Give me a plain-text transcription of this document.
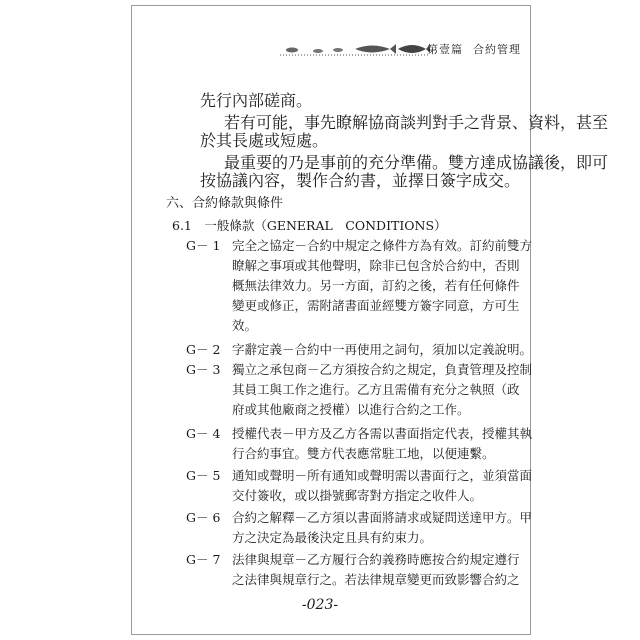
第壹篇 合約管理
先行內部磋商。
若有可能，事先瞭解協商談判對手之背景、資料，甚至
於其長處或短處。
最重要的乃是事前的充分準備。雙方達成協議後，即可
按協議內容，製作合約書，並擇日簽字成交。
六、合約條款與條件
6.1　一般條款（GENERAL　CONDITIONS）
G－ 1 完全之協定－合約中規定之條件方為有效。訂約前雙方
瞭解之事項或其他聲明，除非已包含於合約中，否則
概無法律效力。另一方面，訂約之後，若有任何條件
變更或修正，需附諸書面並經雙方簽字同意，方可生
效。
G－ 2 字辭定義－合約中一再使用之詞句，須加以定義說明。
G－ 3 獨立之承包商－乙方須按合約之規定，負責管理及控制
其員工與工作之進行。乙方且需備有充分之執照（政
府或其他廠商之授權）以進行合約之工作。
G－ 4 授權代表－甲方及乙方各需以書面指定代表，授權其執
行合約事宜。雙方代表應常駐工地，以便連繫。
G－ 5 通知或聲明－所有通知或聲明需以書面行之，並須當面
交付簽收，或以掛號郵寄對方指定之收件人。
G－ 6 合約之解釋－乙方須以書面將請求或疑問送達甲方。甲
方之決定為最後決定且具有約束力。
G－ 7 法律與規章－乙方履行合約義務時應按合約規定遵行
之法律與規章行之。若法律規章變更而致影響合約之
-023-
